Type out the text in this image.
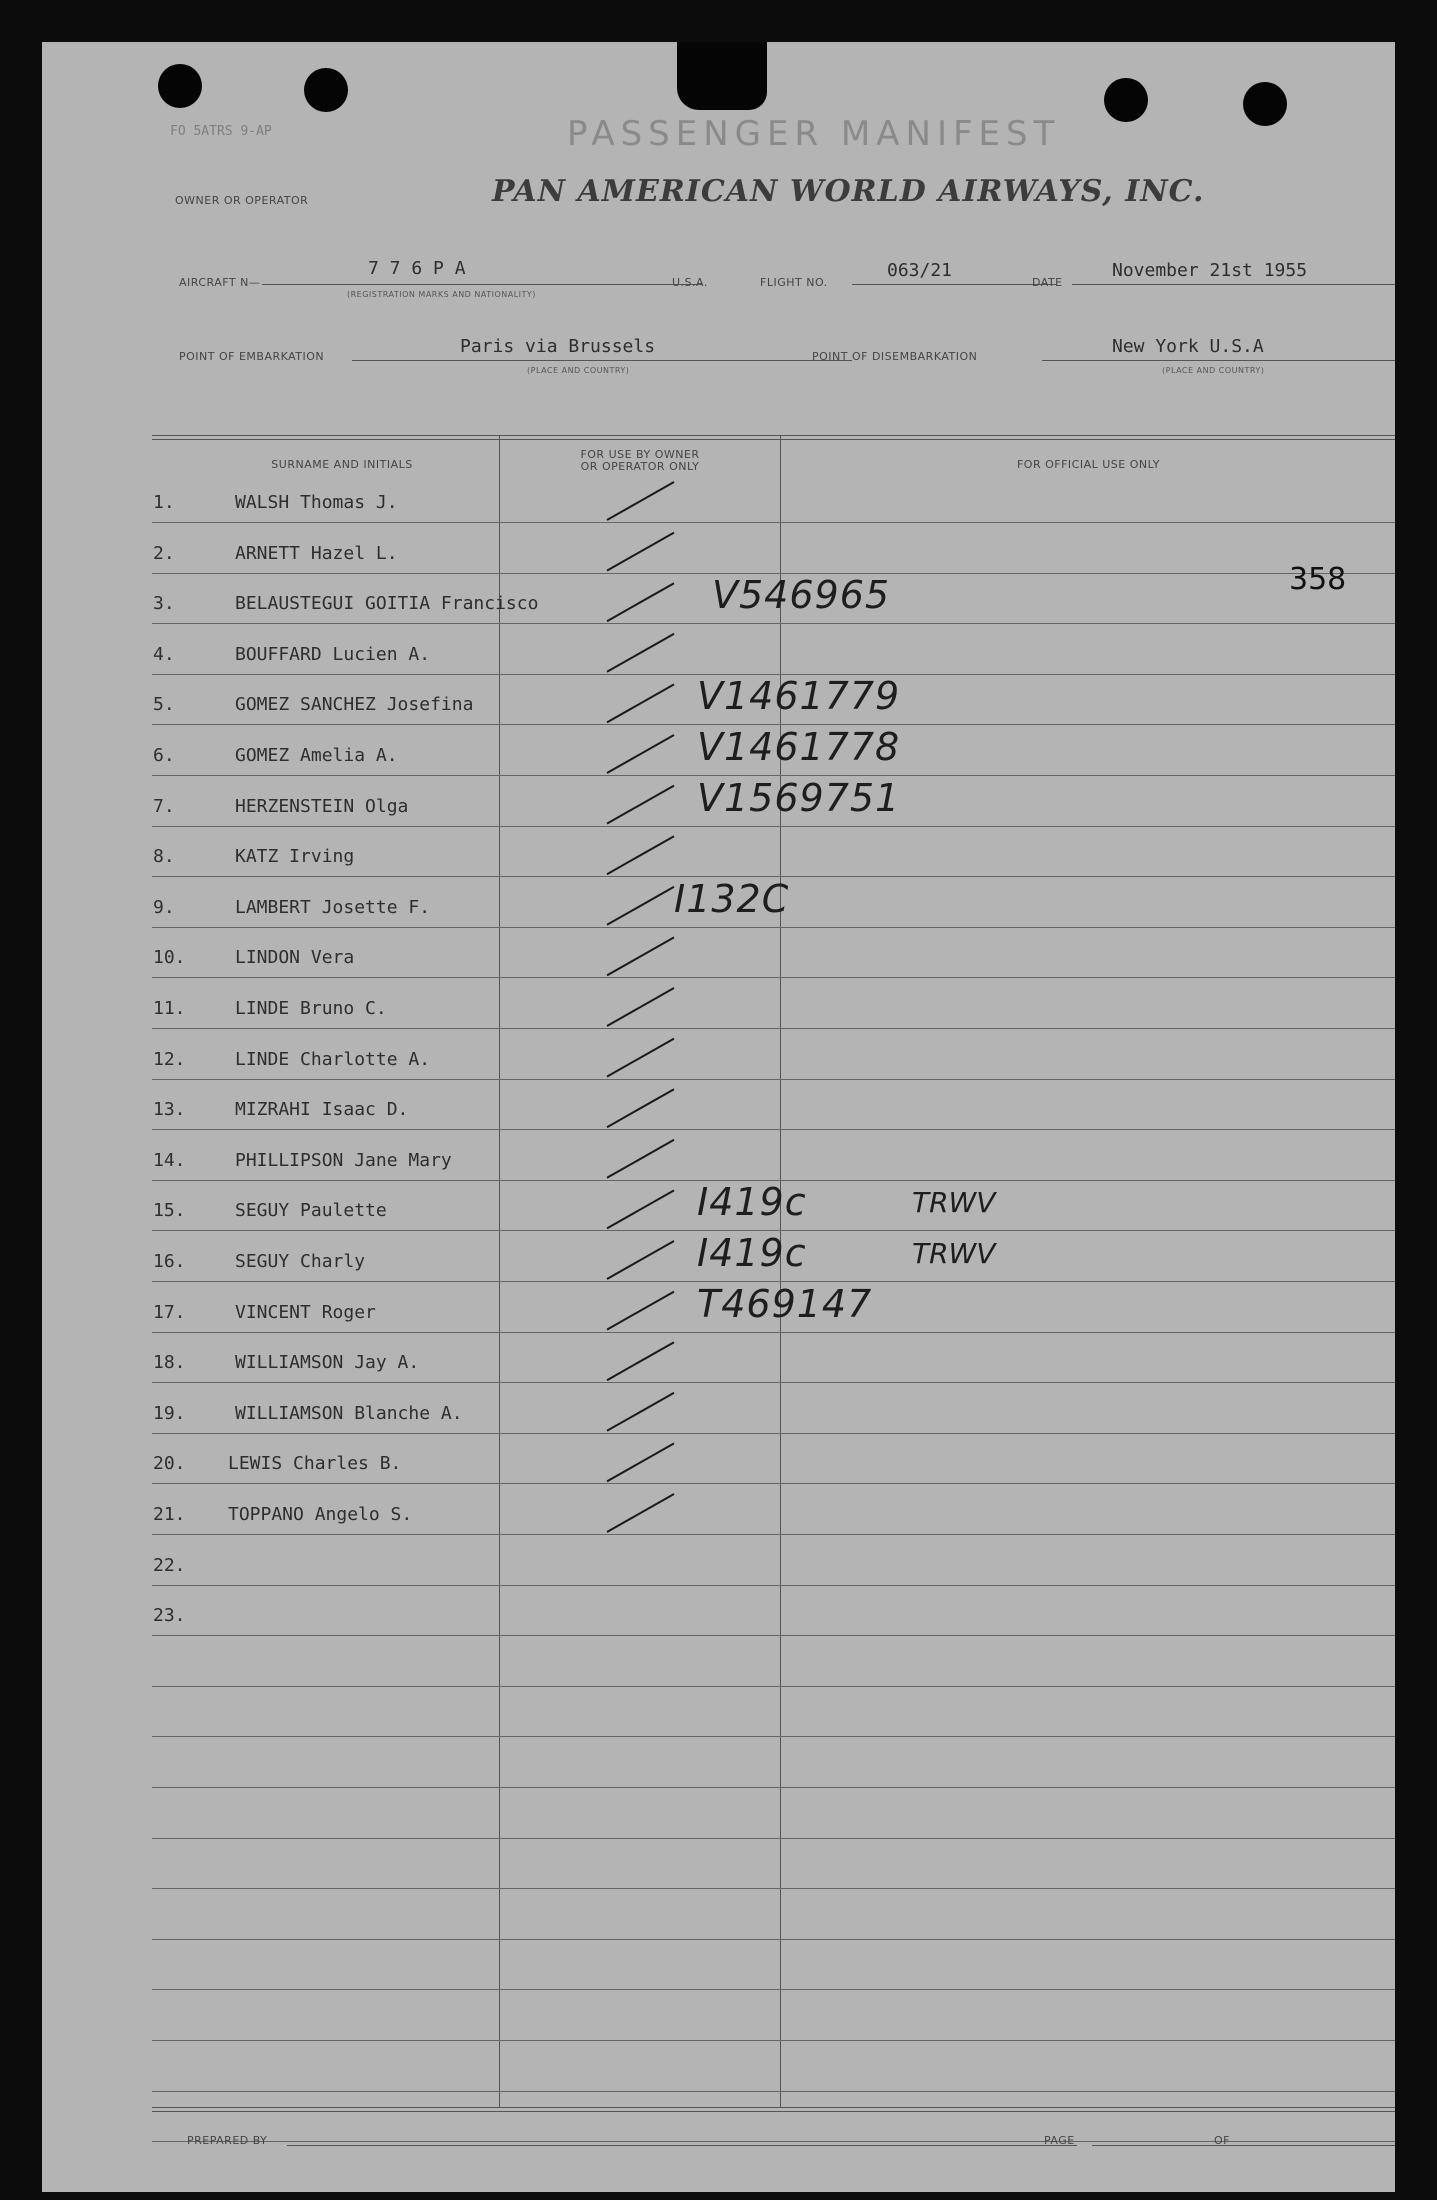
FO 5ATRS 9-AP	PASSENGER MANIFEST
OWNER OR OPERATOR	PAN AMERICAN WORLD AIRWAYS, INC.
AIRCRAFT N—
7 7 6 P A
(REGISTRATION MARKS AND NATIONALITY)
U.S.A.	FLIGHT NO.
063/21
DATE
November 21st 1955
POINT OF EMBARKATION	Paris via Brussels
(PLACE AND COUNTRY)
POINT OF DISEMBARKATION	New York U.S.A
(PLACE AND COUNTRY)
SURNAME AND INITIALS
FOR USE BY OWNER
OR OPERATOR ONLY	FOR OFFICIAL USE ONLY
1.	WALSH Thomas J.
2.	ARNETT Hazel L.
3.	BELAUSTEGUI GOITIA Francisco	V546965
4.	BOUFFARD Lucien A.
5.	GOMEZ SANCHEZ Josefina	V1461779
6.	GOMEZ Amelia A.	V1461778
7.	HERZENSTEIN Olga	V1569751
8.	KATZ Irving
9.	LAMBERT Josette F.	I132C
10.	LINDON Vera
11.	LINDE Bruno C.
12.	LINDE Charlotte A.
13.	MIZRAHI Isaac D.
14.	PHILLIPSON Jane Mary
15.	SEGUY Paulette	I419c	TRWV
16.	SEGUY Charly	I419c	TRWV
17.	VINCENT Roger	T469147
18.	WILLIAMSON Jay A.
19.	WILLIAMSON Blanche A.
20. LEWIS Charles B.
21. TOPPANO Angelo S.
22.
23.
358
PREPARED BY	PAGE	OF
